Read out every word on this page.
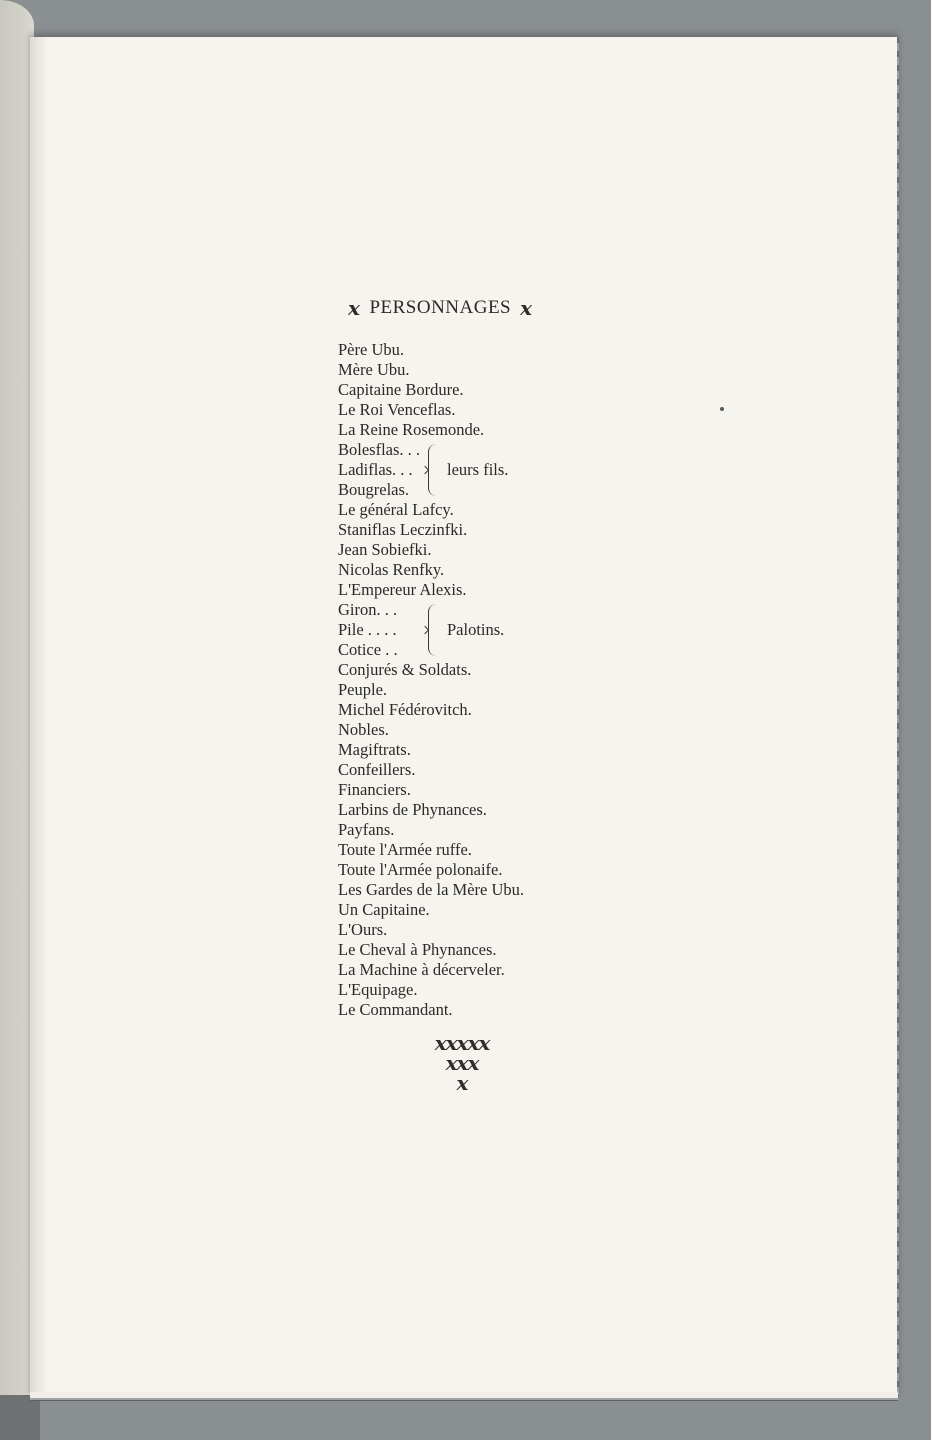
x PERSONNAGES x
Père Ubu.
Mère Ubu.
Capitaine Bordure.
Le Roi Venceflas.
La Reine Rosemonde.
Bolesflas. . .
Ladiflas. . .
Bougrelas.
leurs fils.
Le général Lafcy.
Staniflas Leczinfki.
Jean Sobiefki.
Nicolas Renfky.
L'Empereur Alexis.
Giron. . .
Pile . . . .
Cotice . .
Palotins.
Conjurés & Soldats.
Peuple.
Michel Fédérovitch.
Nobles.
Magiftrats.
Confeillers.
Financiers.
Larbins de Phynances.
Payfans.
Toute l'Armée ruffe.
Toute l'Armée polonaife.
Les Gardes de la Mère Ubu.
Un Capitaine.
L'Ours.
Le Cheval à Phynances.
La Machine à décerveler.
L'Equipage.
Le Commandant.
xxxxx
xxx
x
